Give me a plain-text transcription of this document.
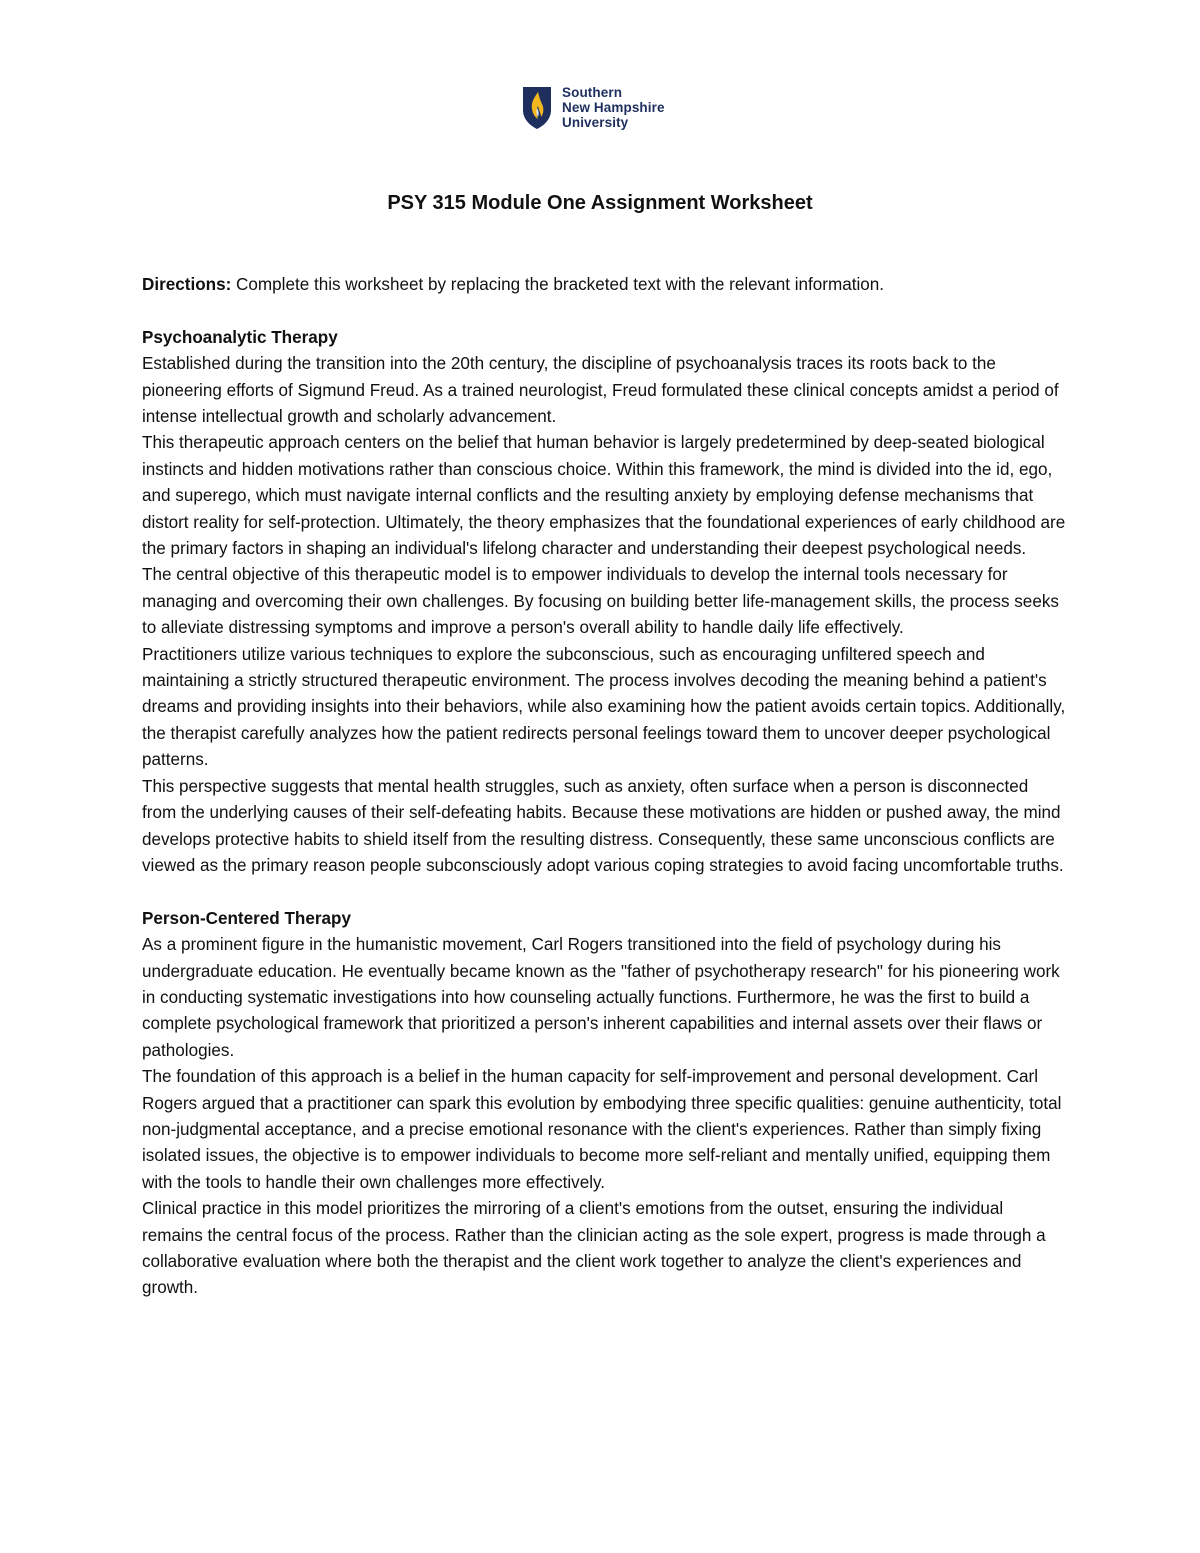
Southern
New Hampshire
University
PSY 315 Module One Assignment Worksheet

Directions: Complete this worksheet by replacing the bracketed text with the relevant information.

Psychoanalytic Therapy

Established during the transition into the 20th century, the discipline of psychoanalysis traces its roots back to the pioneering efforts of Sigmund Freud. As a trained neurologist, Freud formulated these clinical concepts amidst a period of intense intellectual growth and scholarly advancement.

This therapeutic approach centers on the belief that human behavior is largely predetermined by deep-seated biological instincts and hidden motivations rather than conscious choice. Within this framework, the mind is divided into the id, ego, and superego, which must navigate internal conflicts and the resulting anxiety by employing defense mechanisms that distort reality for self-protection. Ultimately, the theory emphasizes that the foundational experiences of early childhood are the primary factors in shaping an individual's lifelong character and understanding their deepest psychological needs.

The central objective of this therapeutic model is to empower individuals to develop the internal tools necessary for managing and overcoming their own challenges. By focusing on building better life-management skills, the process seeks to alleviate distressing symptoms and improve a person's overall ability to handle daily life effectively.

Practitioners utilize various techniques to explore the subconscious, such as encouraging unfiltered speech and maintaining a strictly structured therapeutic environment. The process involves decoding the meaning behind a patient's dreams and providing insights into their behaviors, while also examining how the patient avoids certain topics. Additionally, the therapist carefully analyzes how the patient redirects personal feelings toward them to uncover deeper psychological patterns.

This perspective suggests that mental health struggles, such as anxiety, often surface when a person is disconnected from the underlying causes of their self-defeating habits. Because these motivations are hidden or pushed away, the mind develops protective habits to shield itself from the resulting distress. Consequently, these same unconscious conflicts are viewed as the primary reason people subconsciously adopt various coping strategies to avoid facing uncomfortable truths.

Person-Centered Therapy

As a prominent figure in the humanistic movement, Carl Rogers transitioned into the field of psychology during his undergraduate education. He eventually became known as the "father of psychotherapy research" for his pioneering work in conducting systematic investigations into how counseling actually functions. Furthermore, he was the first to build a complete psychological framework that prioritized a person's inherent capabilities and internal assets over their flaws or pathologies.

The foundation of this approach is a belief in the human capacity for self-improvement and personal development. Carl Rogers argued that a practitioner can spark this evolution by embodying three specific qualities: genuine authenticity, total non-judgmental acceptance, and a precise emotional resonance with the client's experiences. Rather than simply fixing isolated issues, the objective is to empower individuals to become more self-reliant and mentally unified, equipping them with the tools to handle their own challenges more effectively.

Clinical practice in this model prioritizes the mirroring of a client's emotions from the outset, ensuring the individual remains the central focus of the process. Rather than the clinician acting as the sole expert, progress is made through a collaborative evaluation where both the therapist and the client work together to analyze the client's experiences and growth.
